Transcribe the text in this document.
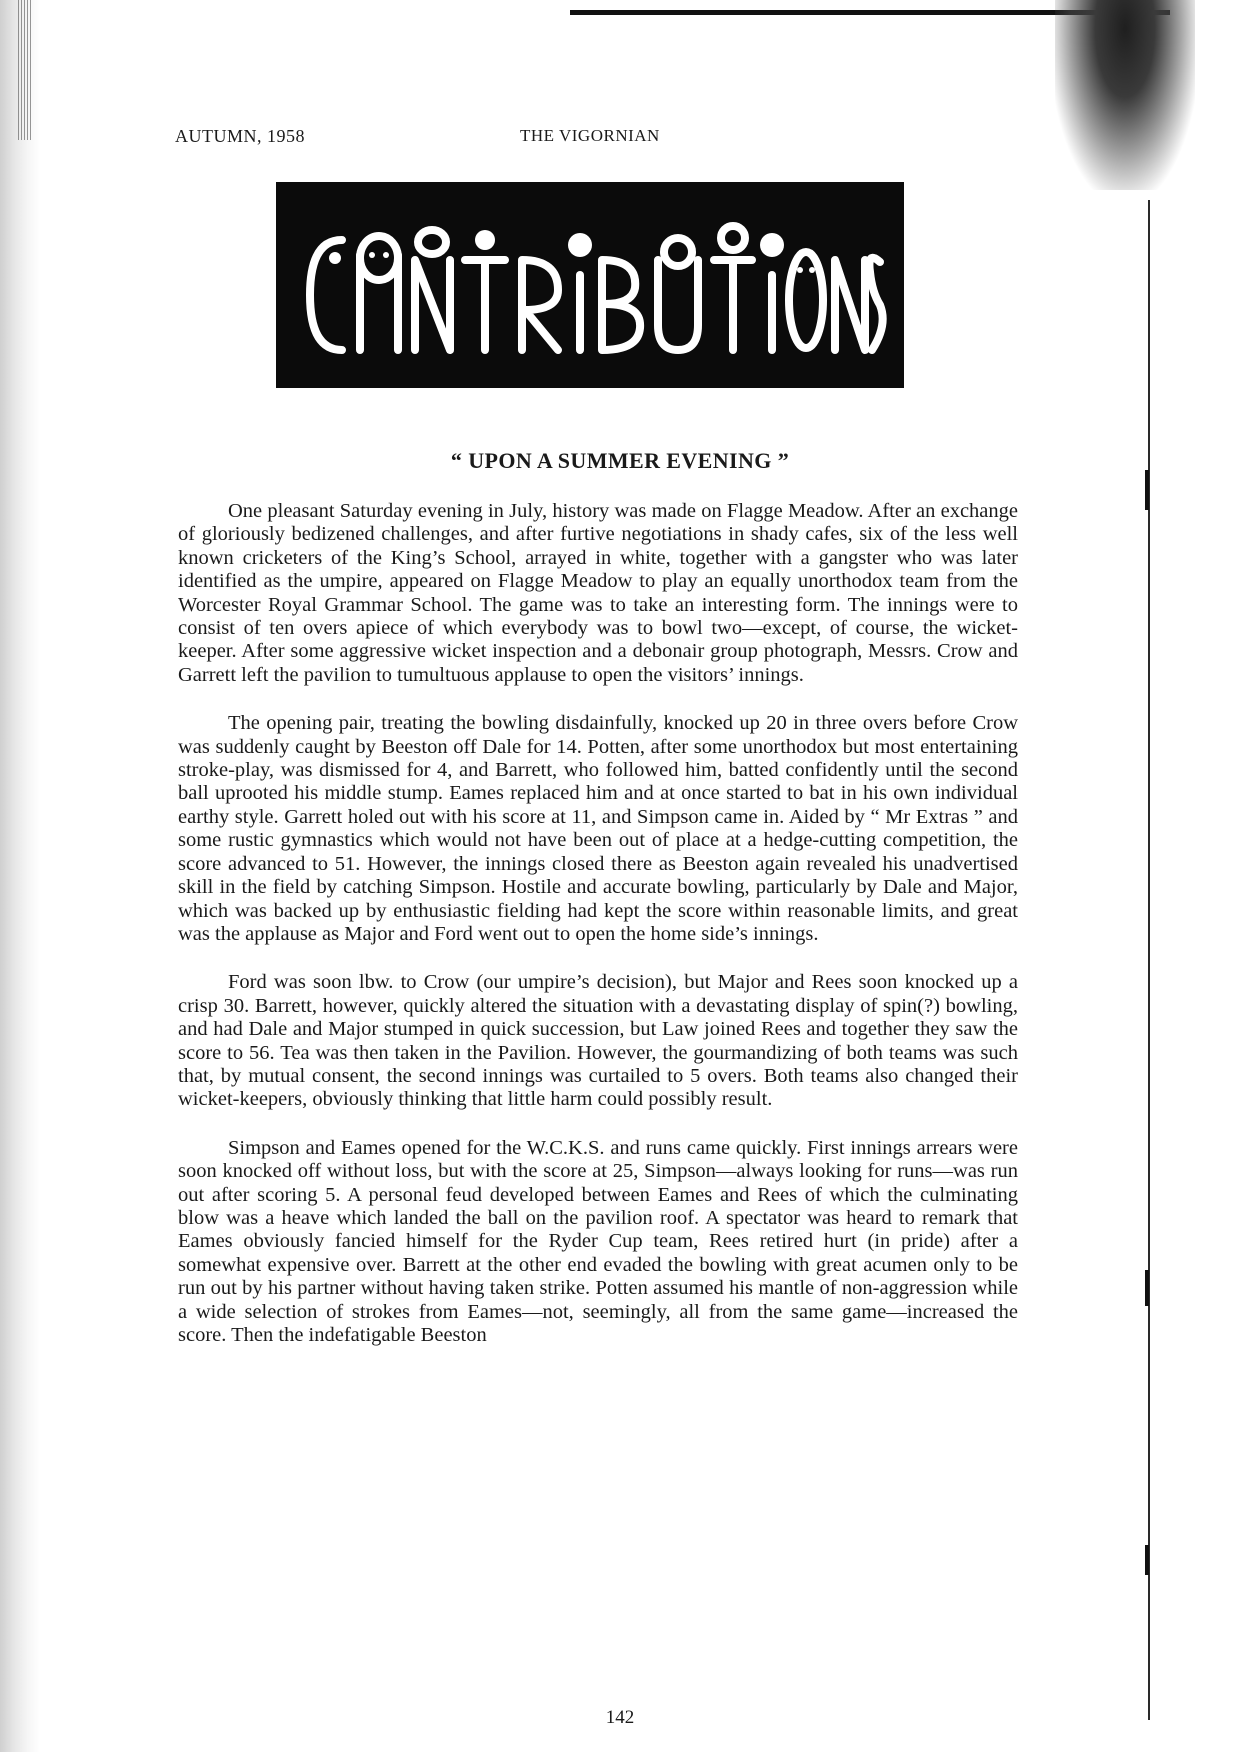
AUTUMN, 1958	THE VIGORNIAN
“ UPON A SUMMER EVENING ”

One pleasant Saturday evening in July, history was made on Flagge Meadow. After an exchange of gloriously bedizened challenges, and after furtive negotiations in shady cafes, six of the less well known cricketers of the King’s School, arrayed in white, together with a gangster who was later identified as the umpire, appeared on Flagge Meadow to play an equally unorthodox team from the Worcester Royal Grammar School. The game was to take an interesting form. The innings were to consist of ten overs apiece of which everybody was to bowl two—except, of course, the wicket-keeper. After some aggressive wicket inspection and a debonair group photograph, Messrs. Crow and Garrett left the pavilion to tumultuous applause to open the visitors’ innings.

The opening pair, treating the bowling disdainfully, knocked up 20 in three overs before Crow was suddenly caught by Beeston off Dale for 14. Potten, after some unorthodox but most entertaining stroke-play, was dismissed for 4, and Barrett, who followed him, batted confidently until the second ball uprooted his middle stump. Eames replaced him and at once started to bat in his own individual earthy style. Garrett holed out with his score at 11, and Simpson came in. Aided by “ Mr Extras ” and some rustic gymnastics which would not have been out of place at a hedge-cutting competition, the score advanced to 51. However, the innings closed there as Beeston again revealed his unadvertised skill in the field by catching Simpson. Hostile and accurate bowling, particularly by Dale and Major, which was backed up by enthusiastic fielding had kept the score within reasonable limits, and great was the applause as Major and Ford went out to open the home side’s innings.

Ford was soon lbw. to Crow (our umpire’s decision), but Major and Rees soon knocked up a crisp 30. Barrett, however, quickly altered the situation with a devastating display of spin(?) bowling, and had Dale and Major stumped in quick succession, but Law joined Rees and together they saw the score to 56. Tea was then taken in the Pavilion. However, the gourmandizing of both teams was such that, by mutual consent, the second innings was curtailed to 5 overs. Both teams also changed their wicket-keepers, obviously thinking that little harm could possibly result.

Simpson and Eames opened for the W.C.K.S. and runs came quickly. First innings arrears were soon knocked off without loss, but with the score at 25, Simpson—always looking for runs—was run out after scoring 5. A personal feud developed between Eames and Rees of which the culminating blow was a heave which landed the ball on the pavilion roof. A spectator was heard to remark that Eames obviously fancied himself for the Ryder Cup team, Rees retired hurt (in pride) after a somewhat expensive over. Barrett at the other end evaded the bowling with great acumen only to be run out by his partner without having taken strike. Potten assumed his mantle of non-aggression while a wide selection of strokes from Eames—not, seemingly, all from the same game—increased the score. Then the indefatigable Beeston

142
